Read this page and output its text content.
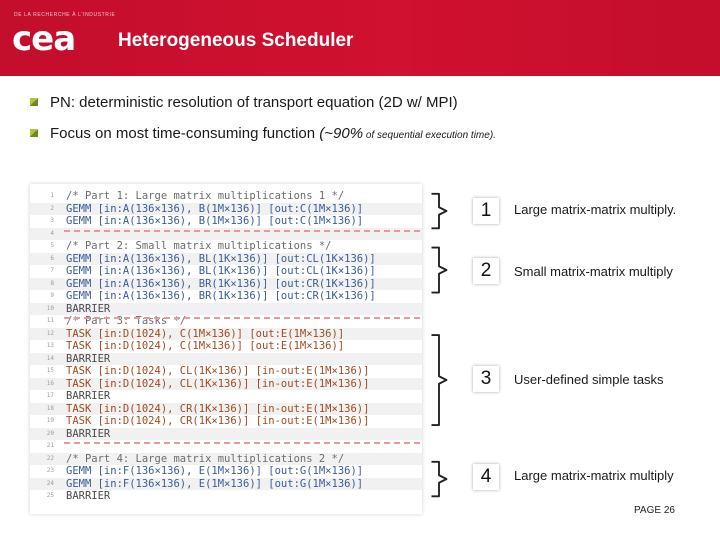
DE LA RECHERCHE À L'INDUSTRIE
cea Heterogeneous Scheduler
PN: deterministic resolution of transport equation (2D w/ MPI)
Focus on most time-consuming function (~90% of sequential execution time).
1 /* Part 1: Large matrix multiplications 1 */
2 GEMM [in:A(136×136), B(1M×136)] [out:C(1M×136)]
3 GEMM [in:A(136×136), B(1M×136)] [out:C(1M×136)]
4
5 /* Part 2: Small matrix multiplications */
6 GEMM [in:A(136×136), BL(1K×136)] [out:CL(1K×136)]
7 GEMM [in:A(136×136), BL(1K×136)] [out:CL(1K×136)]
8 GEMM [in:A(136×136), BR(1K×136)] [out:CR(1K×136)]
9 GEMM [in:A(136×136), BR(1K×136)] [out:CR(1K×136)]
10 BARRIER
11 /* Part 3: Tasks */
12 TASK [in:D(1024), C(1M×136)] [out:E(1M×136)]
13 TASK [in:D(1024), C(1M×136)] [out:E(1M×136)]
14 BARRIER
15 TASK [in:D(1024), CL(1K×136)] [in-out:E(1M×136)]
16 TASK [in:D(1024), CL(1K×136)] [in-out:E(1M×136)]
17 BARRIER
18 TASK [in:D(1024), CR(1K×136)] [in-out:E(1M×136)]
19 TASK [in:D(1024), CR(1K×136)] [in-out:E(1M×136)]
20 BARRIER
21
22 /* Part 4: Large matrix multiplications 2 */
23 GEMM [in:F(136×136), E(1M×136)] [out:G(1M×136)]
24 GEMM [in:F(136×136), E(1M×136)] [out:G(1M×136)]
25 BARRIER
1	Large matrix-matrix multiply.
2	Small matrix-matrix multiply
3	User-defined simple tasks
4	Large matrix-matrix multiply
PAGE 26
